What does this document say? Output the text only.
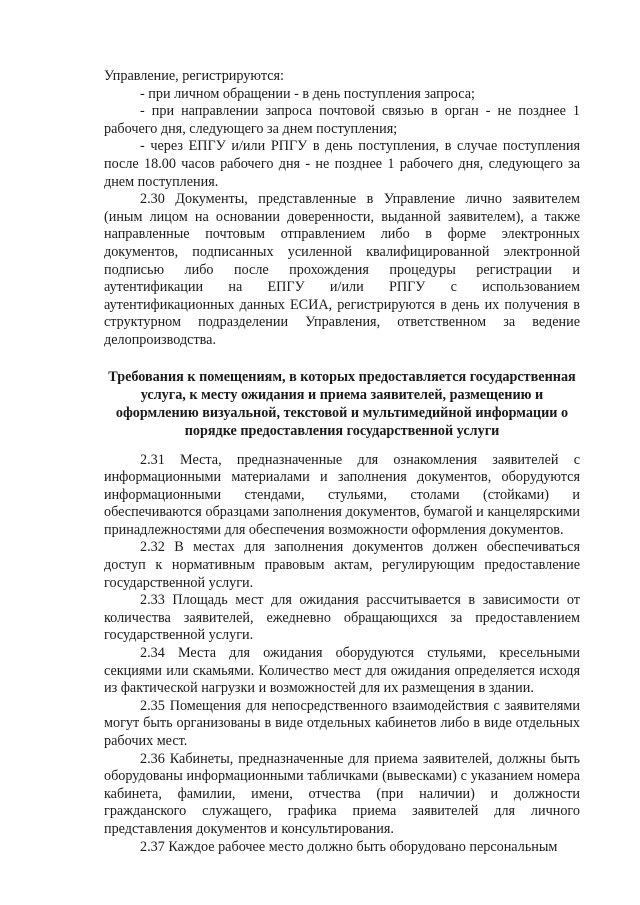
Управление, регистрируются:

- при личном обращении - в день поступления запроса;

- при направлении запроса почтовой связью в орган - не позднее 1 рабочего дня, следующего за днем поступления;

- через ЕПГУ и/или РПГУ в день поступления, в случае поступления после 18.00 часов рабочего дня - не позднее 1 рабочего дня, следующего за днем поступления.

2.30 Документы, представленные в Управление лично заявителем (иным лицом на основании доверенности, выданной заявителем), а также направленные почтовым отправлением либо в форме электронных документов, подписанных усиленной квалифицированной электронной подписью либо после прохождения процедуры регистрации и аутентификации на ЕПГУ и/или РПГУ с использованием аутентификационных данных ЕСИА, регистрируются в день их получения в структурном подразделении Управления, ответственном за ведение делопроизводства.

Требования к помещениям, в которых предоставляется государственная
услуга, к месту ожидания и приема заявителей, размещению и
оформлению визуальной, текстовой и мультимедийной информации о
порядке предоставления государственной услуги

2.31 Места, предназначенные для ознакомления заявителей с информационными материалами и заполнения документов, оборудуются информационными стендами, стульями, столами (стойками) и обеспечиваются образцами заполнения документов, бумагой и канцелярскими принадлежностями для обеспечения возможности оформления документов.

2.32 В местах для заполнения документов должен обеспечиваться доступ к нормативным правовым актам, регулирующим предоставление государственной услуги.

2.33 Площадь мест для ожидания рассчитывается в зависимости от количества заявителей, ежедневно обращающихся за предоставлением государственной услуги.

2.34 Места для ожидания оборудуются стульями, кресельными секциями или скамьями. Количество мест для ожидания определяется исходя из фактической нагрузки и возможностей для их размещения в здании.

2.35 Помещения для непосредственного взаимодействия с заявителями могут быть организованы в виде отдельных кабинетов либо в виде отдельных рабочих мест.

2.36 Кабинеты, предназначенные для приема заявителей, должны быть оборудованы информационными табличками (вывесками) с указанием номера кабинета, фамилии, имени, отчества (при наличии) и должности гражданского служащего, графика приема заявителей для личного представления документов и консультирования.

2.37 Каждое рабочее место должно быть оборудовано персональным
